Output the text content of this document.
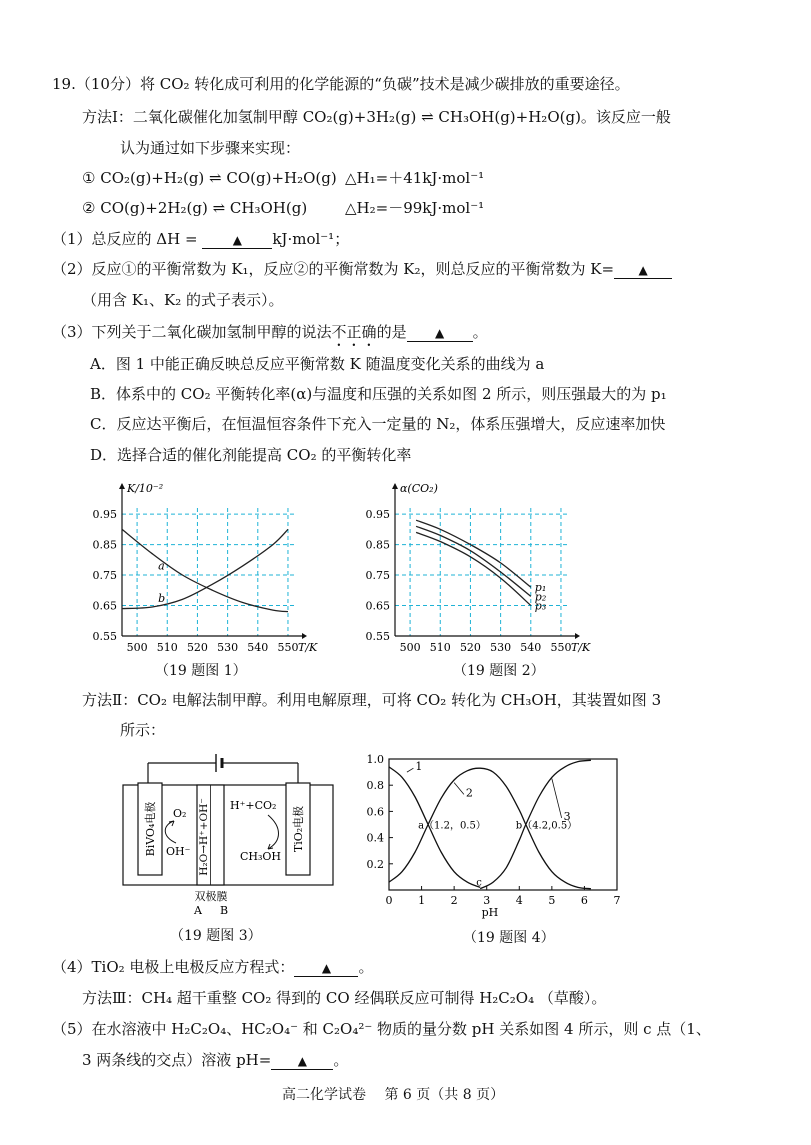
19.（10分）将 CO₂ 转化成可利用的化学能源的“负碳”技术是减少碳排放的重要途径。
方法Ⅰ：二氧化碳催化加氢制甲醇 CO₂(g)+3H₂(g) ⇌ CH₃OH(g)+H₂O(g)。该反应一般
认为通过如下步骤来实现：
① CO₂(g)+H₂(g) ⇌ CO(g)+H₂O(g) △H₁=＋41kJ·mol⁻¹
② CO(g)+2H₂(g) ⇌ CH₃OH(g)	△H₂=－99kJ·mol⁻¹
（1）总反应的 ΔH =	▲ kJ·mol⁻¹；
（2）反应①的平衡常数为 K₁，反应②的平衡常数为 K₂，则总反应的平衡常数为 K= ▲
（用含 K₁、K₂ 的式子表示）。
（3）下列关于二氧化碳加氢制甲醇的说法不正确的是 ▲ 。
A．图 1 中能正确反映总反应平衡常数 K 随温度变化关系的曲线为 a
B．体系中的 CO₂ 平衡转化率(α)与温度和压强的关系如图 2 所示，则压强最大的为 p₁
C．反应达平衡后，在恒温恒容条件下充入一定量的 N₂，体系压强增大，反应速率加快
D．选择合适的催化剂能提高 CO₂ 的平衡转化率
500 510 520 530 540 550
0.55
0.65
0.75
0.85
0.95
K/10⁻²
T/K
a
b
（19 题图 1）
500 510 520 530 540 550
0.55
0.65
0.75
0.85
0.95
α(CO₂)
T/K
p₁
p₂
p₃
（19 题图 2）
方法Ⅱ：CO₂ 电解法制甲醇。利用电解原理，可将 CO₂ 转化为 CH₃OH，其装置如图 3
所示：
BiVO₄电极	TiO₂电极
H₂O→H⁺+OH⁻
O₂
OH⁻
H⁺+CO₂
CH₃OH
双极膜
A B
（19 题图 3）
0 1 2 3 4 5 6 7
0.2
0.4
0.6
0.8
1.0
pH
1
2
3
a（1.2，0.5）	b（4.2,0.5）
c
（19 题图 4）
（4）TiO₂ 电极上电极反应方程式： ▲ 。
方法Ⅲ：CH₄ 超干重整 CO₂ 得到的 CO 经偶联反应可制得 H₂C₂O₄ （草酸）。
（5）在水溶液中 H₂C₂O₄、HC₂O₄⁻ 和 C₂O₄²⁻ 物质的量分数 pH 关系如图 4 所示，则 c 点（1、
3 两条线的交点）溶液 pH= ▲ 。
高二化学试卷　 第 6 页（共 8 页）
